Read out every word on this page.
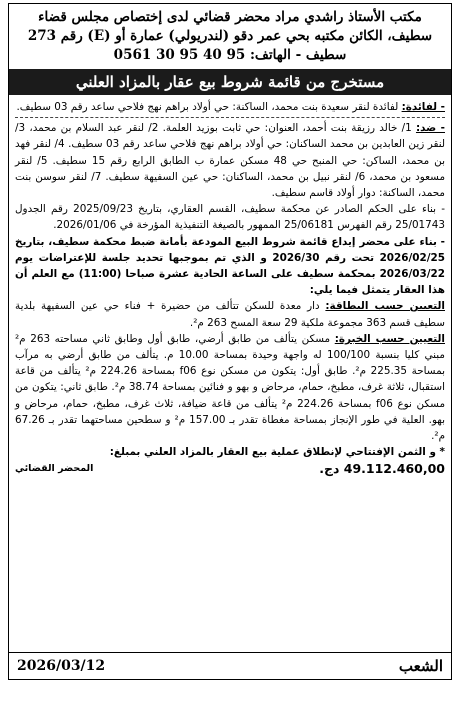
مكتب الأستاذ راشدي مراد محضر قضائي لدى إختصاص مجلس قضاء
سطيف، الكائن مكتبه بحي عمر دقو (لندريولي) عمارة أو (E) رقم 273
سطيف - الهاتف: 95 40 95 30 0561
مستخرج من قائمة شروط بيع عقار بالمزاد العلني

- لفائدة: لفائدة لنقر سعيدة بنت محمد، الساكنة: حي أولاد براهم نهج فلاحي ساعد رقم 03 سطيف.

- ضد: 1/ خالد رزيقة بنت أحمد، العنوان: حي ثابت بوزيد العلمة. 2/ لنقر عبد السلام بن محمد، 3/ لنقر زين العابدين بن محمد الساكنان: حي أولاد براهم نهج فلاحي ساعد رقم 03 سطيف. 4/ لنقر فهد بن محمد، الساكن: حي المنبح حي 48 مسكن عمارة ب الطابق الرابع رقم 15 سطيف. 5/ لنقر مسعود بن محمد، 6/ لنقر نبيل بن محمد، الساكنان: حي عين السفيهة سطيف. 7/ لنقر سوسن بنت محمد، الساكنة: دوار أولاد قاسم سطيف.

- بناء على الحكم الصادر عن محكمة سطيف، القسم العقاري، بتاريخ 2025/09/23 رقم الجدول 25/01743 رقم الفهرس 25/06181 الممهور بالصيغة التنفيذية المؤرخة في 2026/01/06.

- بناء على محضر إيداع قائمة شروط البيع المودعة بأمانة ضبط محكمة سطيف، بتاريخ 2026/02/25 تحت رقم 2026/30 و الذي تم بموجبها تحديد جلسة للإعتراضات يوم 2026/03/22 بمحكمة سطيف على الساعة الحادية عشرة صباحا (11:00) مع العلم أن هذا العقار يتمثل فيما يلي:

التعيين حسب البطاقة: دار معدة للسكن تتألف من حضيرة + فناء حي عين السفيهة بلدية سطيف قسم 363 مجموعة ملكية 29 سعة المسح 263 م².

التعيين حسب الخبرة: مسكن يتألف من طابق أرضي، طابق أول وطابق ثاني مساحته 263 م² مبني كليا بنسبة 100/100 له واجهة وحيدة بمساحة 10.00 م. يتألف من طابق أرضي به مرآب بمساحة 225.35 م². طابق أول: يتكون من مسكن نوع f06 بمساحة 224.26 م² يتألف من قاعة استقبال، ثلاثة غرف، مطبخ، حمام، مرحاض و بهو و فنائين بمساحة 38.74 م². طابق ثاني: يتكون من مسكن نوع f06 بمساحة 224.26 م² يتألف من قاعة ضيافة، ثلاث غرف، مطبخ، حمام، مرحاض و بهو. العلية في طور الإنجاز بمساحة مغطاة تقدر بـ 157.00 م² و سطحين مساحتهما تقدر بـ 67.26 م².

* و الثمن الإفتتاحي لإنطلاق عملية بيع العقار بالمزاد العلني بمبلغ:

49.112.460,00 دج.
المحضر القضائي
الشعب
2026/03/12
